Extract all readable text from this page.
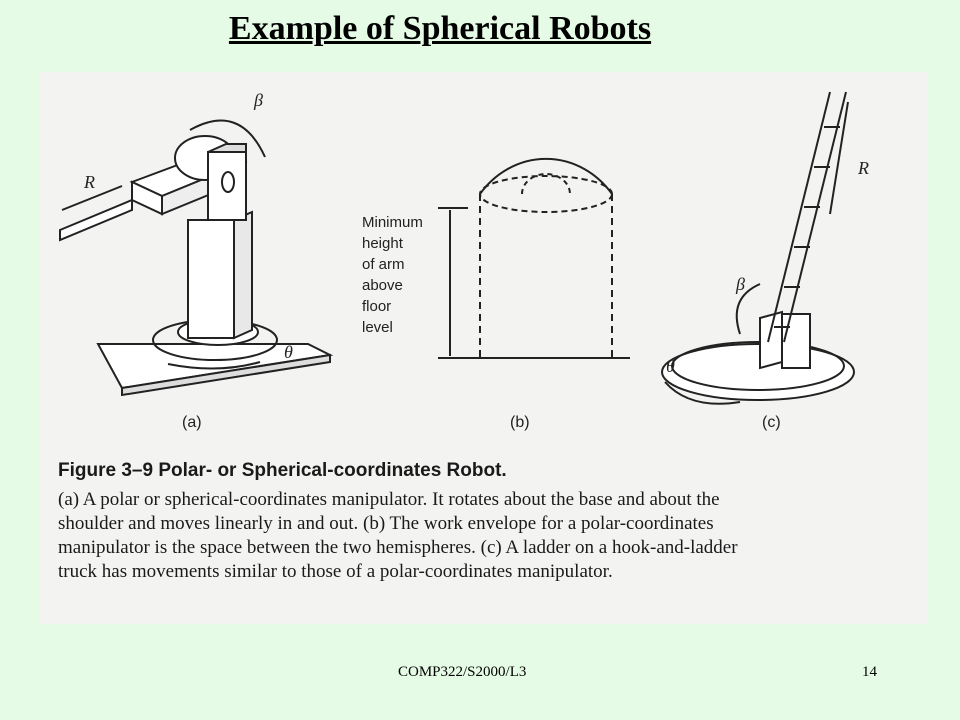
Example of Spherical Robots
β
R
θ
R
β
θ
Minimum
height
of arm
above
floor
level
(a)	(b)	(c)
Figure 3–9 Polar- or Spherical-coordinates Robot.
(a) A polar or spherical-coordinates manipulator. It rotates about the base and about the
shoulder and moves linearly in and out. (b) The work envelope for a polar-coordinates
manipulator is the space between the two hemispheres. (c) A ladder on a hook-and-ladder
truck has movements similar to those of a polar-coordinates manipulator.
COMP322/S2000/L3	14
